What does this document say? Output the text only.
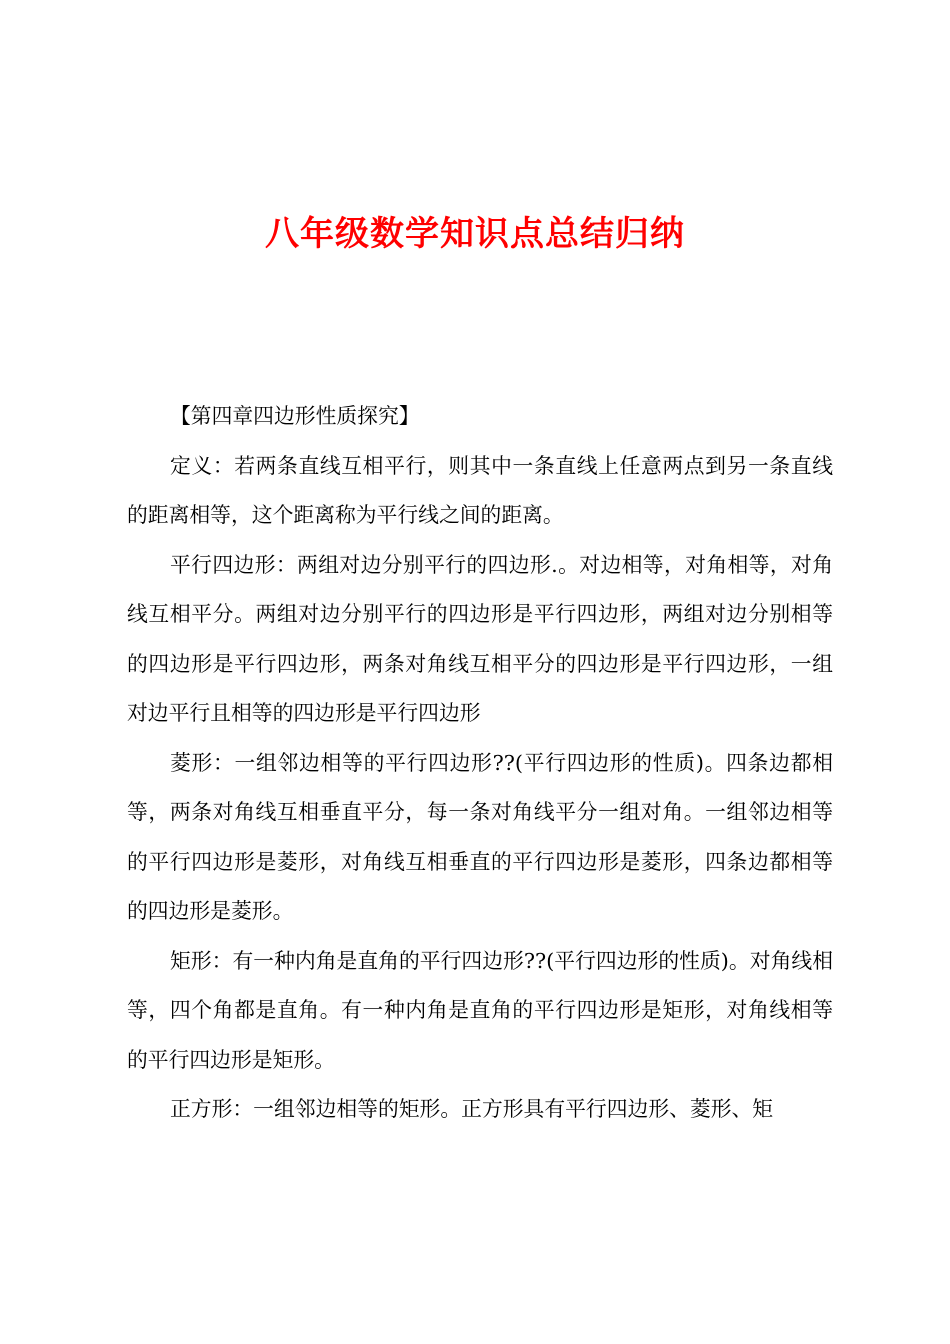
八年级数学知识点总结归纳

【第四章四边形性质探究】

定义：若两条直线互相平行，则其中一条直线上任意两点到另一条直线的距离相等，这个距离称为平行线之间的距离。

平行四边形：两组对边分别平行的四边形.。对边相等，对角相等，对角线互相平分。两组对边分别平行的四边形是平行四边形，两组对边分别相等的四边形是平行四边形，两条对角线互相平分的四边形是平行四边形，一组对边平行且相等的四边形是平行四边形

菱形：一组邻边相等的平行四边形??(平行四边形的性质)。四条边都相等，两条对角线互相垂直平分，每一条对角线平分一组对角。一组邻边相等的平行四边形是菱形，对角线互相垂直的平行四边形是菱形，四条边都相等的四边形是菱形。

矩形：有一种内角是直角的平行四边形??(平行四边形的性质)。对角线相等，四个角都是直角。有一种内角是直角的平行四边形是矩形，对角线相等的平行四边形是矩形。

正方形：一组邻边相等的矩形。正方形具有平行四边形、菱形、矩
